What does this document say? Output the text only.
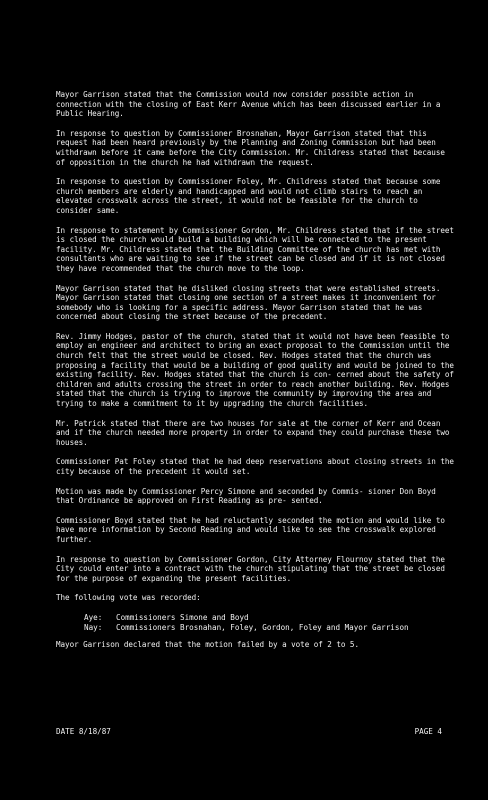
Mayor Garrison stated that the Commission would now consider possible action in connection with the closing of East Kerr Avenue which has been discussed earlier in a Public Hearing.

In response to question by Commissioner Brosnahan, Mayor Garrison stated that this request had been heard previously by the Planning and Zoning Commission but had been withdrawn before it came before the City Commission. Mr. Childress stated that because of opposition in the church he had withdrawn the request.

In response to question by Commissioner Foley, Mr. Childress stated that because some church members are elderly and handicapped and would not climb stairs to reach an elevated crosswalk across the street, it would not be feasible for the church to consider same.

In response to statement by Commissioner Gordon, Mr. Childress stated that if the street is closed the church would build a building which will be connected to the present facility. Mr. Childress stated that the Building Committee of the church has met with consultants who are waiting to see if the street can be closed and if it is not closed they have recommended that the church move to the loop.

Mayor Garrison stated that he disliked closing streets that were established streets. Mayor Garrison stated that closing one section of a street makes it inconvenient for somebody who is looking for a specific address. Mayor Garrison stated that he was concerned about closing the street because of the precedent.

Rev. Jimmy Hodges, pastor of the church, stated that it would not have been feasible to employ an engineer and architect to bring an exact proposal to the Commission until the church felt that the street would be closed. Rev. Hodges stated that the church was proposing a facility that would be a building of good quality and would be joined to the existing facility. Rev. Hodges stated that the church is con- cerned about the safety of children and adults crossing the street in order to reach another building. Rev. Hodges stated that the church is trying to improve the community by improving the area and trying to make a commitment to it by upgrading the church facilities.

Mr. Patrick stated that there are two houses for sale at the corner of Kerr and Ocean and if the church needed more property in order to expand they could purchase these two houses.

Commissioner Pat Foley stated that he had deep reservations about closing streets in the city because of the precedent it would set.

Motion was made by Commissioner Percy Simone and seconded by Commis- sioner Don Boyd that Ordinance be approved on First Reading as pre- sented.

Commissioner Boyd stated that he had reluctantly seconded the motion and would like to have more information by Second Reading and would like to see the crosswalk explored further.

In response to question by Commissioner Gordon, City Attorney Flournoy stated that the City could enter into a contract with the church stipulating that the street be closed for the purpose of expanding the present facilities.

The following vote was recorded:

Aye:	Commissioners Simone and Boyd
Nay:	Commissioners Brosnahan, Foley, Gordon, Foley and Mayor Garrison

Mayor Garrison declared that the motion failed by a vote of 2 to 5.

DATE 8/18/87	PAGE 4
